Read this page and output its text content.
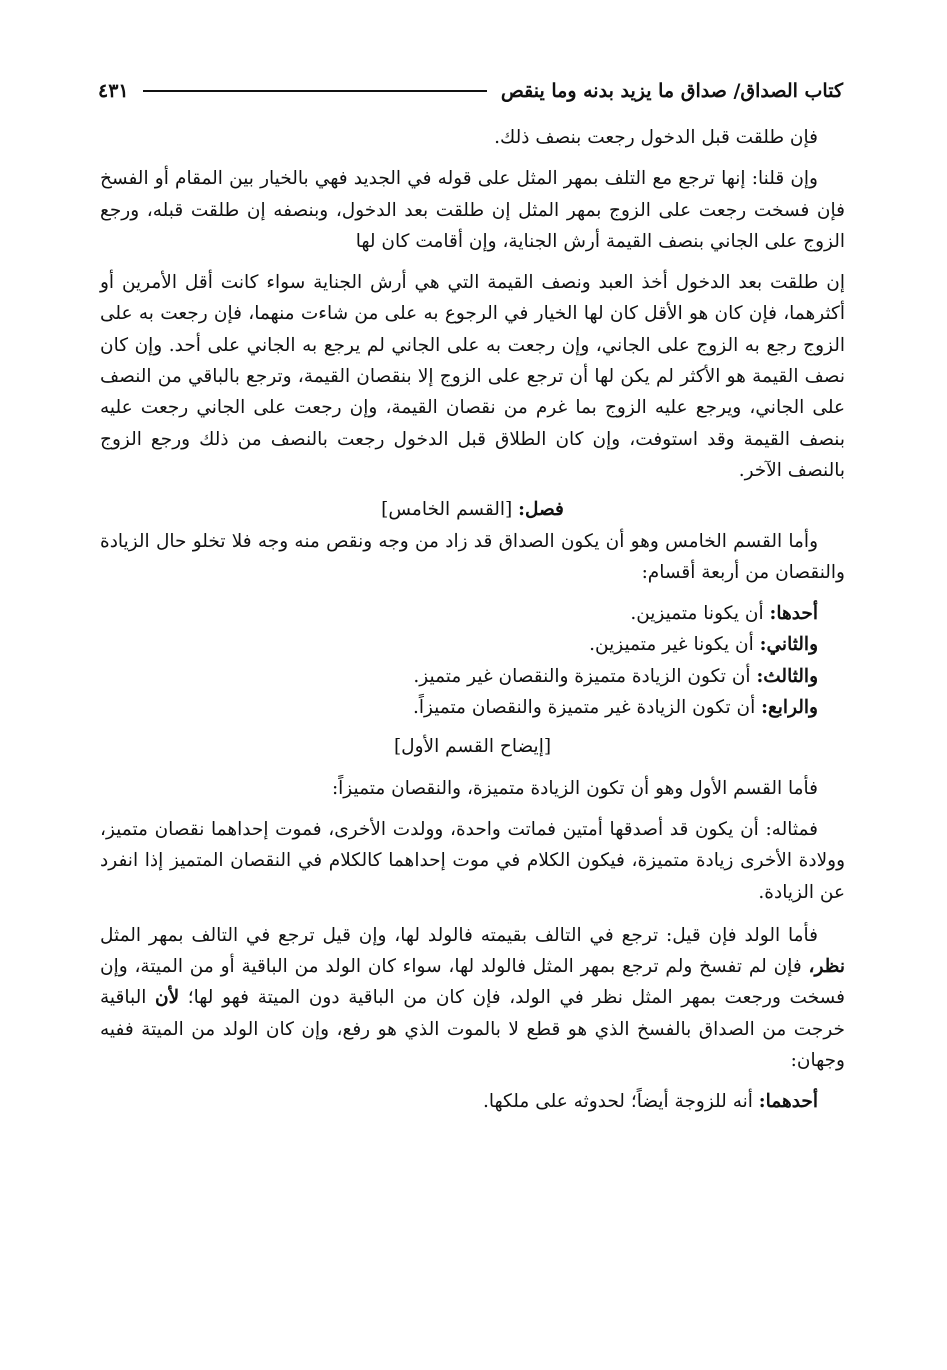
كتاب الصداق/ صداق ما يزيد بدنه وما ينقص
٤٣١

فإن طلقت قبل الدخول رجعت بنصف ذلك.

وإن قلنا: إنها ترجع مع التلف بمهر المثل على قوله في الجديد فهي بالخيار بين المقام أو الفسخ فإن فسخت رجعت على الزوج بمهر المثل إن طلقت بعد الدخول، وبنصفه إن طلقت قبله، ورجع الزوج على الجاني بنصف القيمة أرش الجناية، وإن أقامت كان لها

إن طلقت بعد الدخول أخذ العبد ونصف القيمة التي هي أرش الجناية سواء كانت أقل الأمرين أو أكثرهما، فإن كان هو الأقل كان لها الخيار في الرجوع به على من شاءت منهما، فإن رجعت به على الزوج رجع به الزوج على الجاني، وإن رجعت به على الجاني لم يرجع به الجاني على أحد. وإن كان نصف القيمة هو الأكثر لم يكن لها أن ترجع على الزوج إلا بنقصان القيمة، وترجع بالباقي من النصف على الجاني، ويرجع عليه الزوج بما غرم من نقصان القيمة، وإن رجعت على الجاني رجعت عليه بنصف القيمة وقد استوفت، وإن كان الطلاق قبل الدخول رجعت بالنصف من ذلك ورجع الزوج بالنصف الآخر.

فصل: [القسم الخامس]

وأما القسم الخامس وهو أن يكون الصداق قد زاد من وجه ونقص منه وجه فلا تخلو حال الزيادة والنقصان من أربعة أقسام:

أحدها: أن يكونا متميزين.

والثاني: أن يكونا غير متميزين.

والثالث: أن تكون الزيادة متميزة والنقصان غير متميز.

والرابع: أن تكون الزيادة غير متميزة والنقصان متميزاً.

[إيضاح القسم الأول]

فأما القسم الأول وهو أن تكون الزيادة متميزة، والنقصان متميزاً:

فمثاله: أن يكون قد أصدقها أمتين فماتت واحدة، وولدت الأخرى، فموت إحداهما نقصان متميز، وولادة الأخرى زيادة متميزة، فيكون الكلام في موت إحداهما كالكلام في النقصان المتميز إذا انفرد عن الزيادة.

فأما الولد فإن قيل: ترجع في التالف بقيمته فالولد لها، وإن قيل ترجع في التالف بمهر المثل نظر، فإن لم تفسخ ولم ترجع بمهر المثل فالولد لها، سواء كان الولد من الباقية أو من الميتة، وإن فسخت ورجعت بمهر المثل نظر في الولد، فإن كان من الباقية دون الميتة فهو لها؛ لأن الباقية خرجت من الصداق بالفسخ الذي هو قطع لا بالموت الذي هو رفع، وإن كان الولد من الميتة ففيه وجهان:

أحدهما: أنه للزوجة أيضاً؛ لحدوثه على ملكها.
